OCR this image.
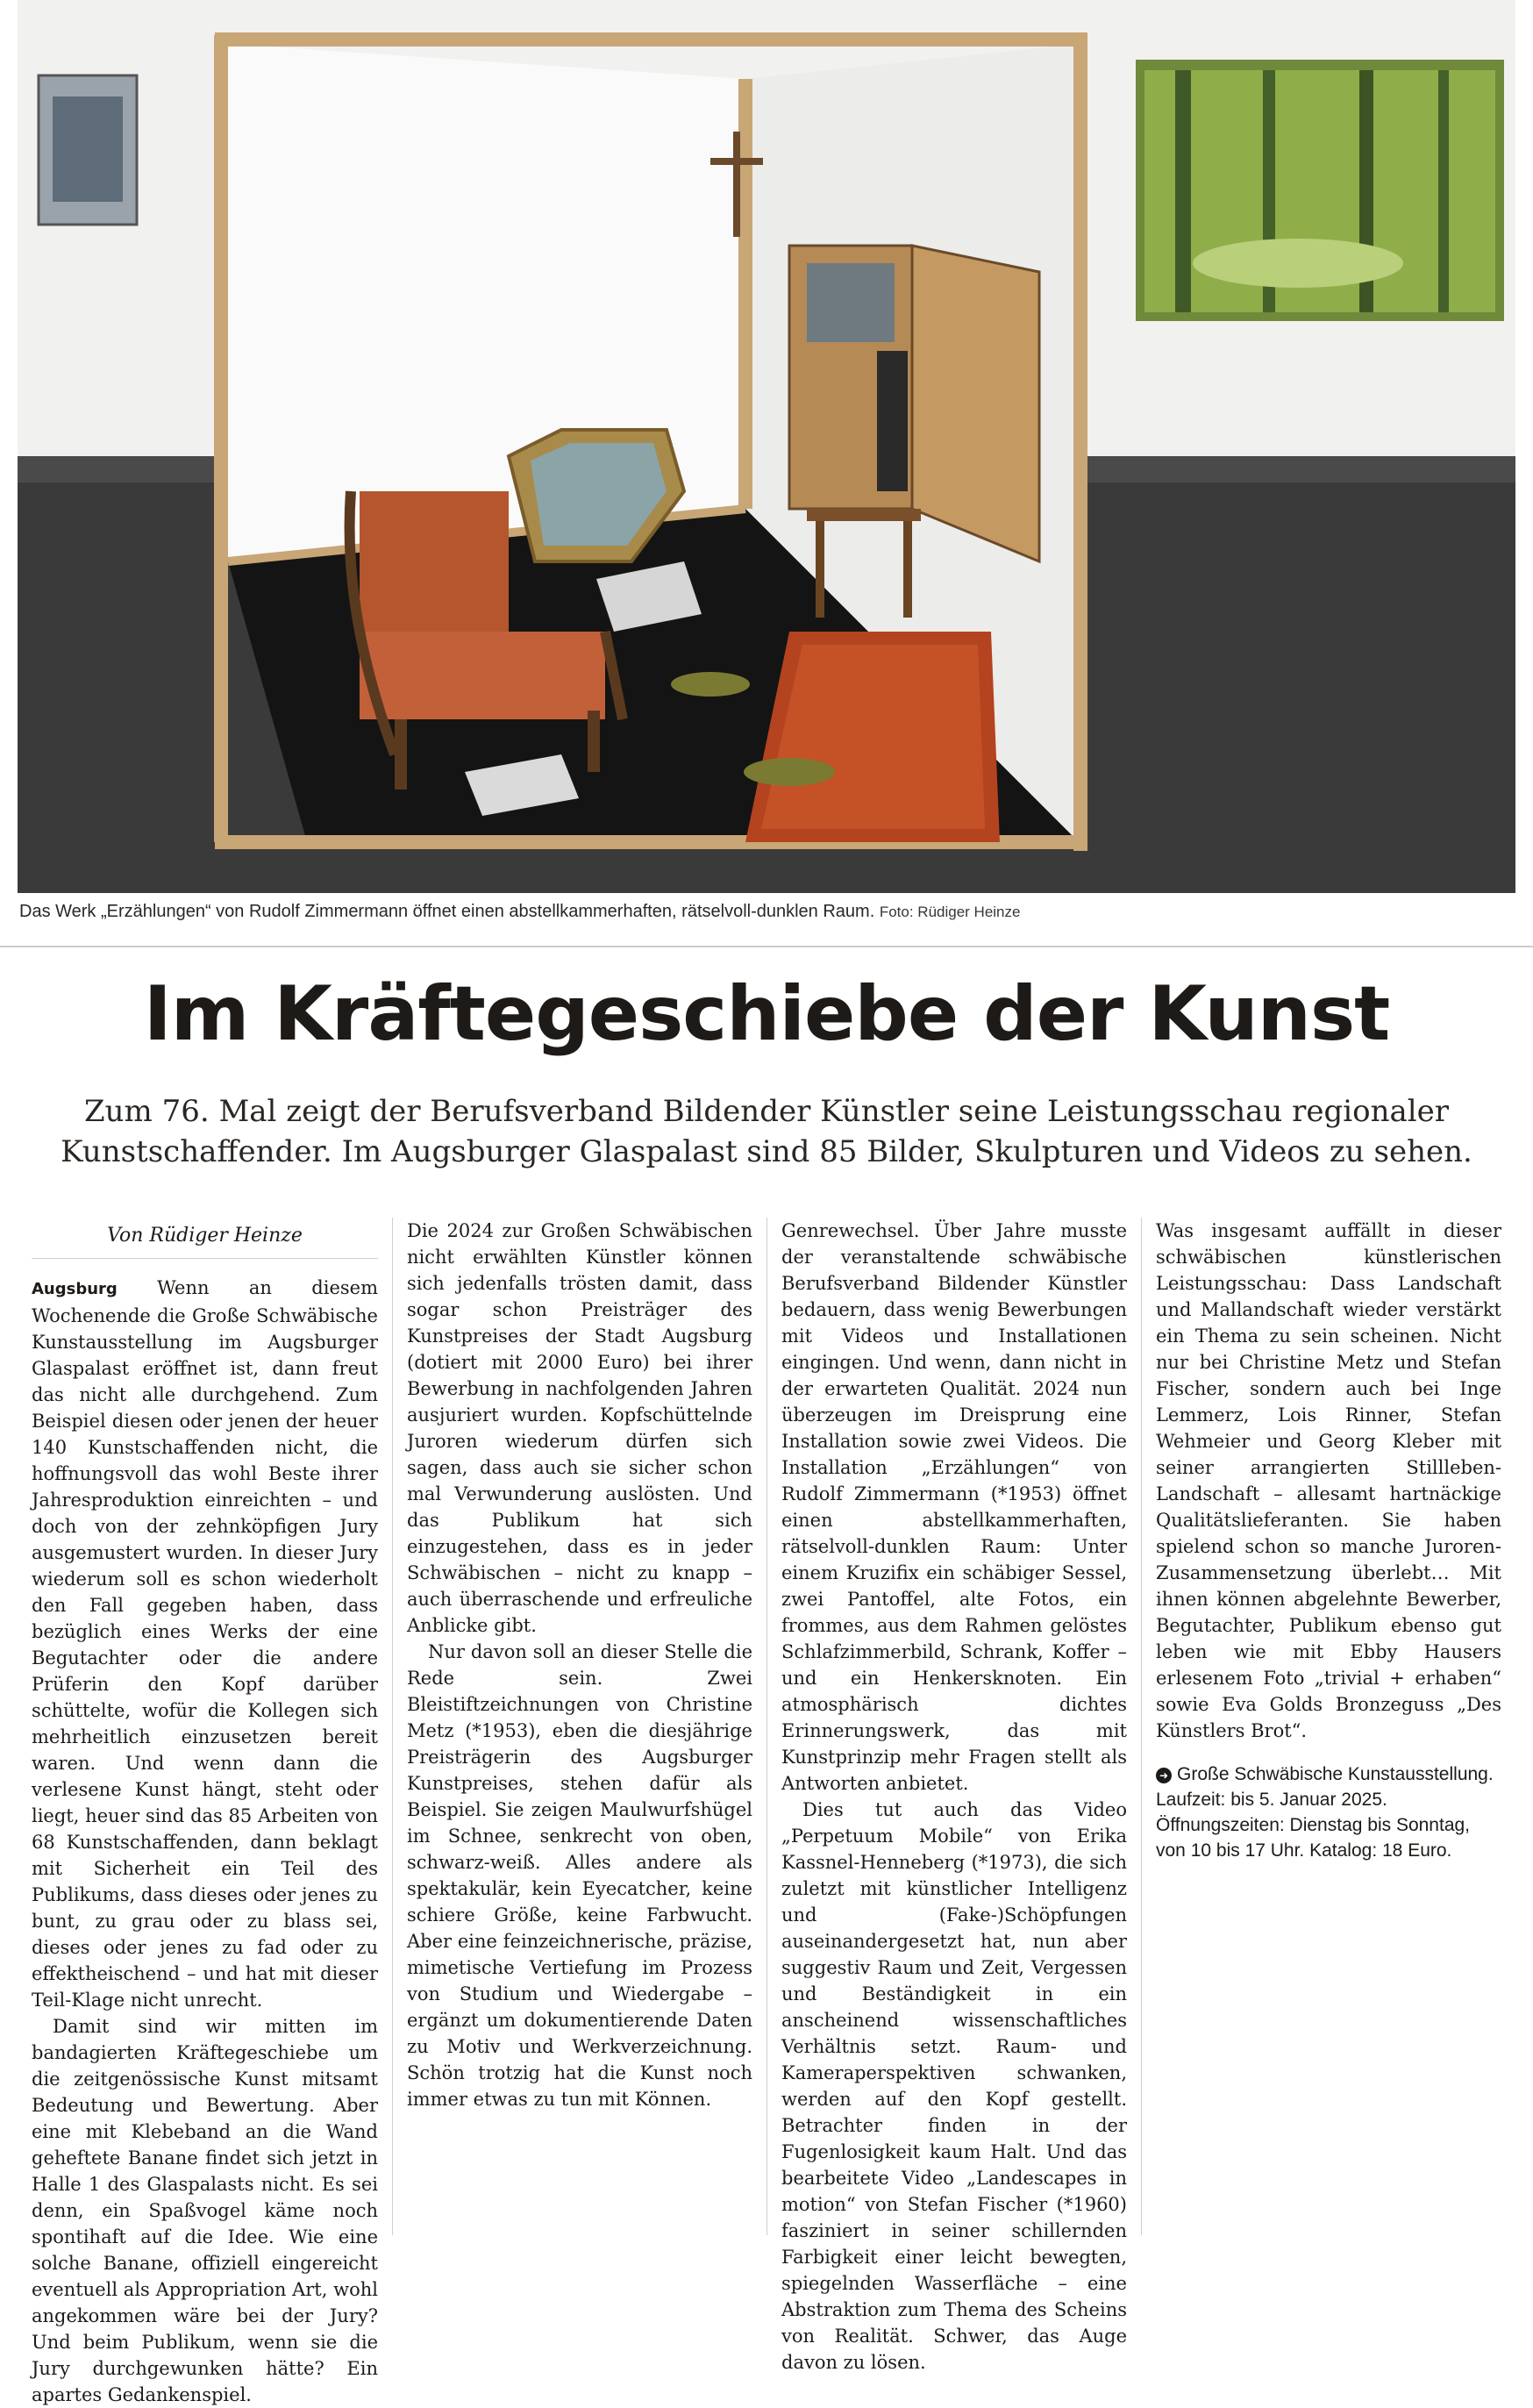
Das Werk „Erzählungen“ von Rudolf Zimmermann öffnet einen abstellkammerhaften, rätselvoll-dunklen Raum. Foto: Rüdiger Heinze
Im Kräftegeschiebe der Kunst
Zum 76. Mal zeigt der Berufsverband Bildender Künstler seine Leistungsschau regionaler Kunstschaffender. Im Augsburger Glaspalast sind 85 Bilder, Skulpturen und Videos zu sehen.
Von Rüdiger Heinze

Augsburg Wenn an diesem Wochenende die Große Schwäbische Kunstausstellung im Augsburger Glaspalast eröffnet ist, dann freut das nicht alle durchgehend. Zum Beispiel diesen oder jenen der heuer 140 Kunstschaffenden nicht, die hoffnungsvoll das wohl Beste ihrer Jahresproduktion einreichten – und doch von der zehnköpfigen Jury ausgemustert wurden. In dieser Jury wiederum soll es schon wiederholt den Fall gegeben haben, dass bezüglich eines Werks der eine Begutachter oder die andere Prüferin den Kopf darüber schüttelte, wofür die Kollegen sich mehrheitlich einzusetzen bereit waren. Und wenn dann die verlesene Kunst hängt, steht oder liegt, heuer sind das 85 Arbeiten von 68 Kunstschaffenden, dann beklagt mit Sicherheit ein Teil des Publikums, dass dieses oder jenes zu bunt, zu grau oder zu blass sei, dieses oder jenes zu fad oder zu effektheischend – und hat mit dieser Teil-Klage nicht unrecht.

Damit sind wir mitten im bandagierten Kräftegeschiebe um die zeitgenössische Kunst mitsamt Bedeutung und Bewertung. Aber eine mit Klebeband an die Wand geheftete Banane findet sich jetzt in Halle 1 des Glaspalasts nicht. Es sei denn, ein Spaßvogel käme noch spontihaft auf die Idee. Wie eine solche Banane, offiziell eingereicht eventuell als Appropriation Art, wohl angekommen wäre bei der Jury? Und beim Publikum, wenn sie die Jury durchgewunken hätte? Ein apartes Gedankenspiel.

Die 2024 zur Großen Schwäbischen nicht erwählten Künstler können sich jedenfalls trösten damit, dass sogar schon Preisträger des Kunstpreises der Stadt Augsburg (dotiert mit 2000 Euro) bei ihrer Bewerbung in nachfolgenden Jahren ausjuriert wurden. Kopfschüttelnde Juroren wiederum dürfen sich sagen, dass auch sie sicher schon mal Verwunderung auslösten. Und das Publikum hat sich einzugestehen, dass es in jeder Schwäbischen – nicht zu knapp – auch überraschende und erfreuliche Anblicke gibt.

Nur davon soll an dieser Stelle die Rede sein. Zwei Bleistiftzeichnungen von Christine Metz (*1953), eben die diesjährige Preisträgerin des Augsburger Kunstpreises, stehen dafür als Beispiel. Sie zeigen Maulwurfshügel im Schnee, senkrecht von oben, schwarz-weiß. Alles andere als spektakulär, kein Eyecatcher, keine schiere Größe, keine Farbwucht. Aber eine feinzeichnerische, präzise, mimetische Vertiefung im Prozess von Studium und Wiedergabe – ergänzt um dokumentierende Daten zu Motiv und Werkverzeichnung. Schön trotzig hat die Kunst noch immer etwas zu tun mit Können.

Genrewechsel. Über Jahre musste der veranstaltende schwäbische Berufsverband Bildender Künstler bedauern, dass wenig Bewerbungen mit Videos und Installationen eingingen. Und wenn, dann nicht in der erwarteten Qualität. 2024 nun überzeugen im Dreisprung eine Installation sowie zwei Videos. Die Installation „Erzählungen“ von Rudolf Zimmermann (*1953) öffnet einen abstellkammerhaften, rätselvoll-dunklen Raum: Unter einem Kruzifix ein schäbiger Sessel, zwei Pantoffel, alte Fotos, ein frommes, aus dem Rahmen gelöstes Schlafzimmerbild, Schrank, Koffer – und ein Henkersknoten. Ein atmosphärisch dichtes Erinnerungswerk, das mit Kunstprinzip mehr Fragen stellt als Antworten anbietet.

Dies tut auch das Video „Perpetuum Mobile“ von Erika Kassnel-Henneberg (*1973), die sich zuletzt mit künstlicher Intelligenz und (Fake-)Schöpfungen auseinandergesetzt hat, nun aber suggestiv Raum und Zeit, Vergessen und Beständigkeit in ein anscheinend wissenschaftliches Verhältnis setzt. Raum- und Kameraperspektiven schwanken, werden auf den Kopf gestellt. Betrachter finden in der Fugenlosigkeit kaum Halt. Und das bearbeitete Video „Landescapes in motion“ von Stefan Fischer (*1960) fasziniert in seiner schillernden Farbigkeit einer leicht bewegten, spiegelnden Wasserfläche – eine Abstraktion zum Thema des Scheins von Realität. Schwer, das Auge davon zu lösen.

Was insgesamt auffällt in dieser schwäbischen künstlerischen Leistungsschau: Dass Landschaft und Mallandschaft wieder verstärkt ein Thema zu sein scheinen. Nicht nur bei Christine Metz und Stefan Fischer, sondern auch bei Inge Lemmerz, Lois Rinner, Stefan Wehmeier und Georg Kleber mit seiner arrangierten Stillleben-Landschaft – allesamt hartnäckige Qualitätslieferanten. Sie haben spielend schon so manche Juroren-Zusammensetzung überlebt… Mit ihnen können abgelehnte Bewerber, Begutachter, Publikum ebenso gut leben wie mit Ebby Hausers erlesenem Foto „trivial + erhaben“ sowie Eva Golds Bronzeguss „Des Künstlers Brot“.

➜ Große Schwäbische Kunstausstellung. Laufzeit: bis 5. Januar 2025. Öffnungszeiten: Dienstag bis Sonntag, von 10 bis 17 Uhr. Katalog: 18 Euro.
